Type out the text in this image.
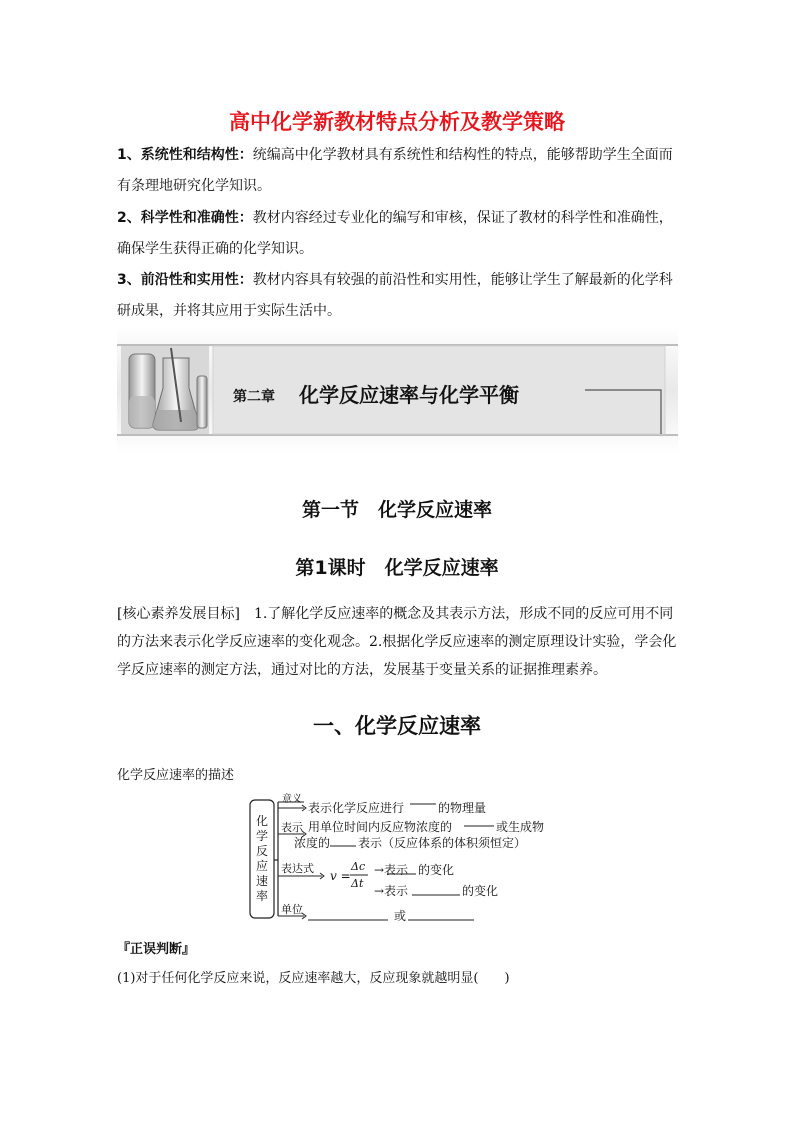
高中化学新教材特点分析及教学策略
1、系统性和结构性：统编高中化学教材具有系统性和结构性的特点，能够帮助学生全面而有条理地研究化学知识。
2、科学性和准确性：教材内容经过专业化的编写和审核，保证了教材的科学性和准确性，确保学生获得正确的化学知识。
3、前沿性和实用性：教材内容具有较强的前沿性和实用性，能够让学生了解最新的化学科研成果，并将其应用于实际生活中。
第二章 化学反应速率与化学平衡
第一节　化学反应速率
第1课时　化学反应速率
[核心素养发展目标]　 1.了解化学反应速率的概念及其表示方法，形成不同的反应可用不同的方法来表示化学反应速率的变化观念。2.根据化学反应速率的测定原理设计实验，学会化学反应速率的测定方法，通过对比的方法，发展基于变量关系的证据推理素养。
一、化学反应速率
化学反应速率的描述
化
学
反
应
速
率
意义
表示化学反应进行	的物理量
表示 用单位时间内反应物浓度的	或生成物
浓度的 表示（反应体系的体积须恒定）
表达式
v =
Δc
Δt
→表示 的变化
→表示	的变化
单位	或
『正误判断』
(1)对于任何化学反应来说，反应速率越大，反应现象就越明显(　　)
